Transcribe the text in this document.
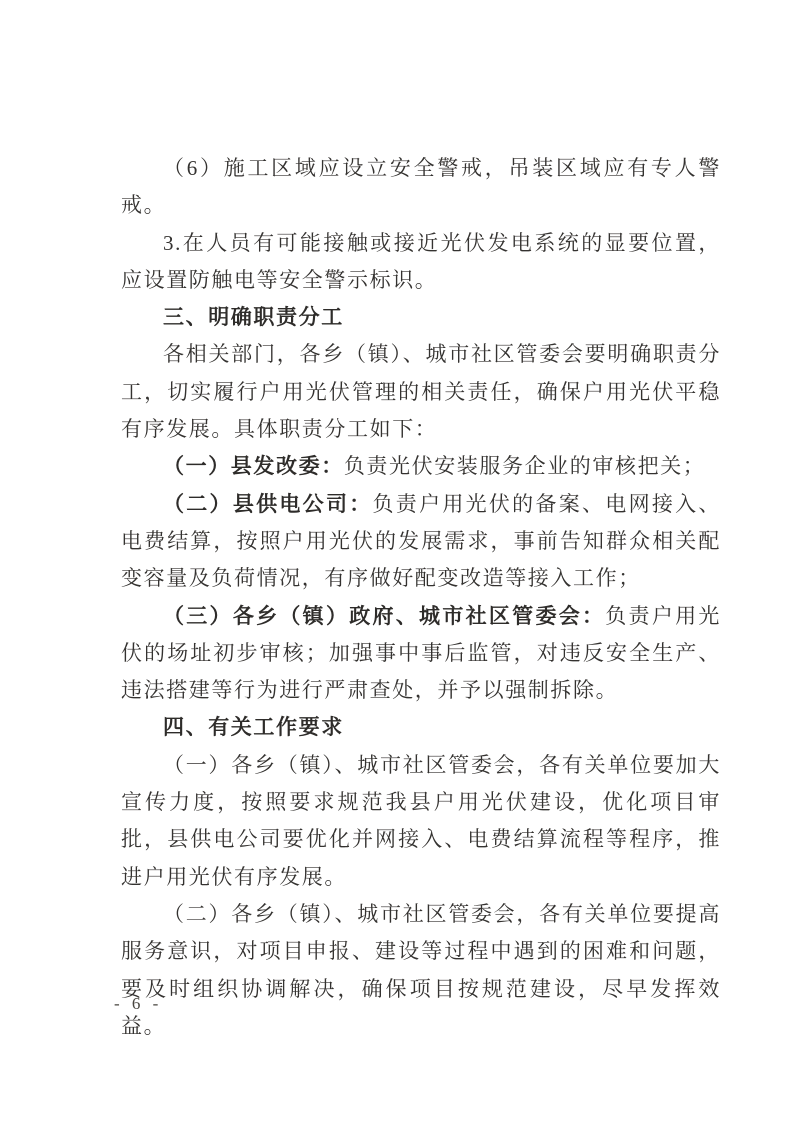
（6）施工区域应设立安全警戒，吊装区域应有专人警戒。

3.在人员有可能接触或接近光伏发电系统的显要位置，应设置防触电等安全警示标识。

三、明确职责分工

各相关部门，各乡（镇）、城市社区管委会要明确职责分工，切实履行户用光伏管理的相关责任，确保户用光伏平稳有序发展。具体职责分工如下：

（一）县发改委：负责光伏安装服务企业的审核把关；

（二）县供电公司：负责户用光伏的备案、电网接入、电费结算，按照户用光伏的发展需求，事前告知群众相关配变容量及负荷情况，有序做好配变改造等接入工作；

（三）各乡（镇）政府、城市社区管委会：负责户用光伏的场址初步审核；加强事中事后监管，对违反安全生产、违法搭建等行为进行严肃查处，并予以强制拆除。

四、有关工作要求

（一）各乡（镇）、城市社区管委会，各有关单位要加大宣传力度，按照要求规范我县户用光伏建设，优化项目审批，县供电公司要优化并网接入、电费结算流程等程序，推进户用光伏有序发展。

（二）各乡（镇）、城市社区管委会，各有关单位要提高服务意识，对项目申报、建设等过程中遇到的困难和问题，要及时组织协调解决，确保项目按规范建设，尽早发挥效益。

- 6 -
